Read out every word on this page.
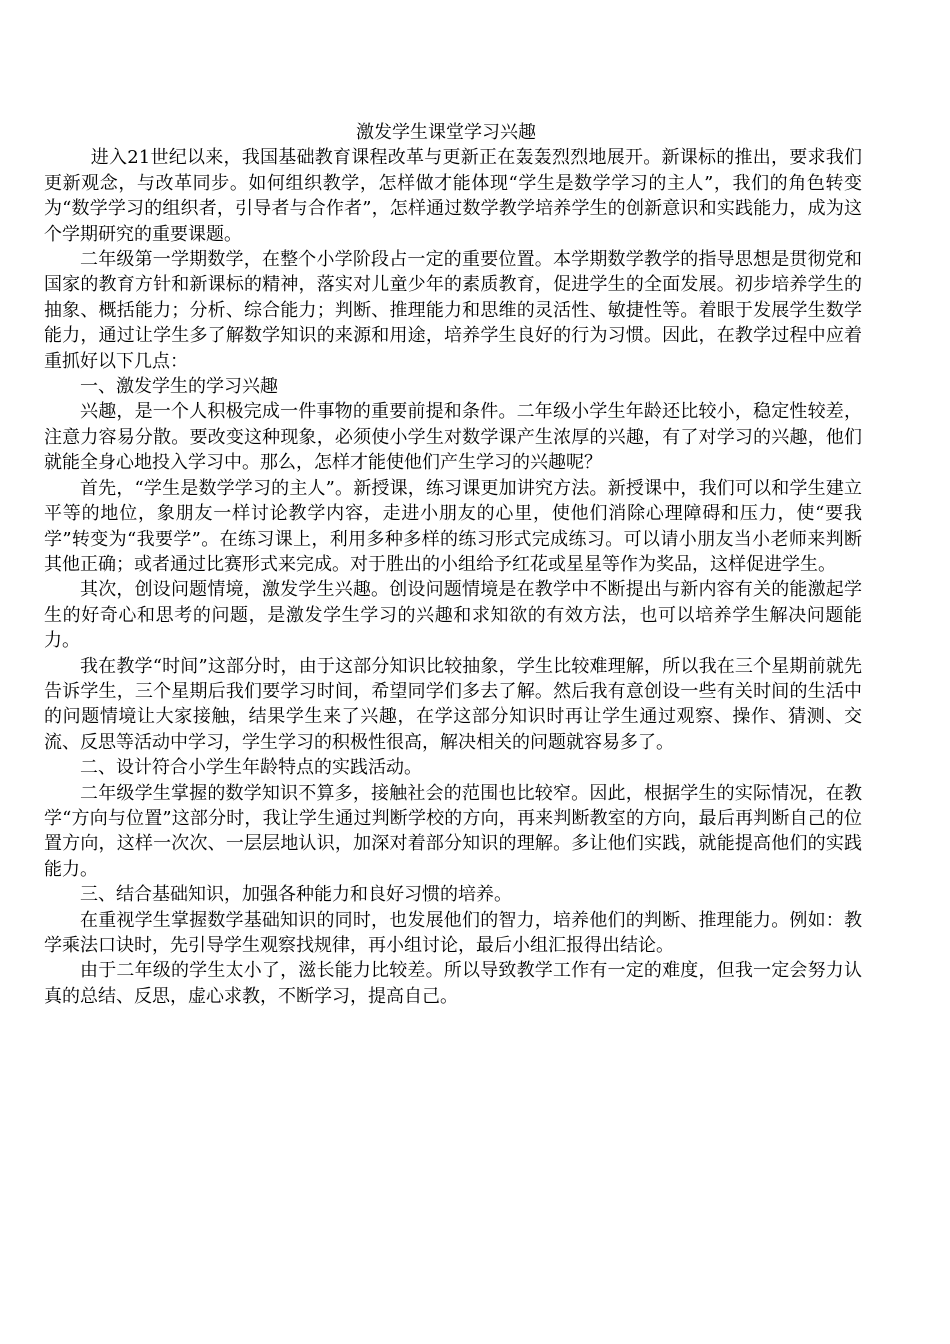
激发学生课堂学习兴趣

进入21世纪以来，我国基础教育课程改革与更新正在轰轰烈烈地展开。新课标的推出，要求我们更新观念，与改革同步。如何组织教学，怎样做才能体现“学生是数学学习的主人”，我们的角色转变为“数学学习的组织者，引导者与合作者”，怎样通过数学教学培养学生的创新意识和实践能力，成为这个学期研究的重要课题。

二年级第一学期数学，在整个小学阶段占一定的重要位置。本学期数学教学的指导思想是贯彻党和国家的教育方针和新课标的精神，落实对儿童少年的素质教育，促进学生的全面发展。初步培养学生的抽象、概括能力；分析、综合能力；判断、推理能力和思维的灵活性、敏捷性等。着眼于发展学生数学能力，通过让学生多了解数学知识的来源和用途，培养学生良好的行为习惯。因此，在教学过程中应着重抓好以下几点：

一、激发学生的学习兴趣

兴趣，是一个人积极完成一件事物的重要前提和条件。二年级小学生年龄还比较小，稳定性较差，注意力容易分散。要改变这种现象，必须使小学生对数学课产生浓厚的兴趣，有了对学习的兴趣，他们就能全身心地投入学习中。那么，怎样才能使他们产生学习的兴趣呢？

首先，“学生是数学学习的主人”。新授课，练习课更加讲究方法。新授课中，我们可以和学生建立平等的地位，象朋友一样讨论教学内容，走进小朋友的心里，使他们消除心理障碍和压力，使“要我学”转变为“我要学”。在练习课上，利用多种多样的练习形式完成练习。可以请小朋友当小老师来判断其他正确；或者通过比赛形式来完成。对于胜出的小组给予红花或星星等作为奖品，这样促进学生。

其次，创设问题情境，激发学生兴趣。创设问题情境是在教学中不断提出与新内容有关的能激起学生的好奇心和思考的问题，是激发学生学习的兴趣和求知欲的有效方法，也可以培养学生解决问题能力。

我在教学“时间”这部分时，由于这部分知识比较抽象，学生比较难理解，所以我在三个星期前就先告诉学生，三个星期后我们要学习时间，希望同学们多去了解。然后我有意创设一些有关时间的生活中的问题情境让大家接触，结果学生来了兴趣，在学这部分知识时再让学生通过观察、操作、猜测、交流、反思等活动中学习，学生学习的积极性很高，解决相关的问题就容易多了。

二、设计符合小学生年龄特点的实践活动。

二年级学生掌握的数学知识不算多，接触社会的范围也比较窄。因此，根据学生的实际情况，在教学“方向与位置”这部分时，我让学生通过判断学校的方向，再来判断教室的方向，最后再判断自己的位置方向，这样一次次、一层层地认识，加深对着部分知识的理解。多让他们实践，就能提高他们的实践能力。

三、结合基础知识，加强各种能力和良好习惯的培养。

在重视学生掌握数学基础知识的同时，也发展他们的智力，培养他们的判断、推理能力。例如：教学乘法口诀时，先引导学生观察找规律，再小组讨论，最后小组汇报得出结论。

由于二年级的学生太小了，滋长能力比较差。所以导致教学工作有一定的难度，但我一定会努力认真的总结、反思，虚心求教，不断学习，提高自己。
